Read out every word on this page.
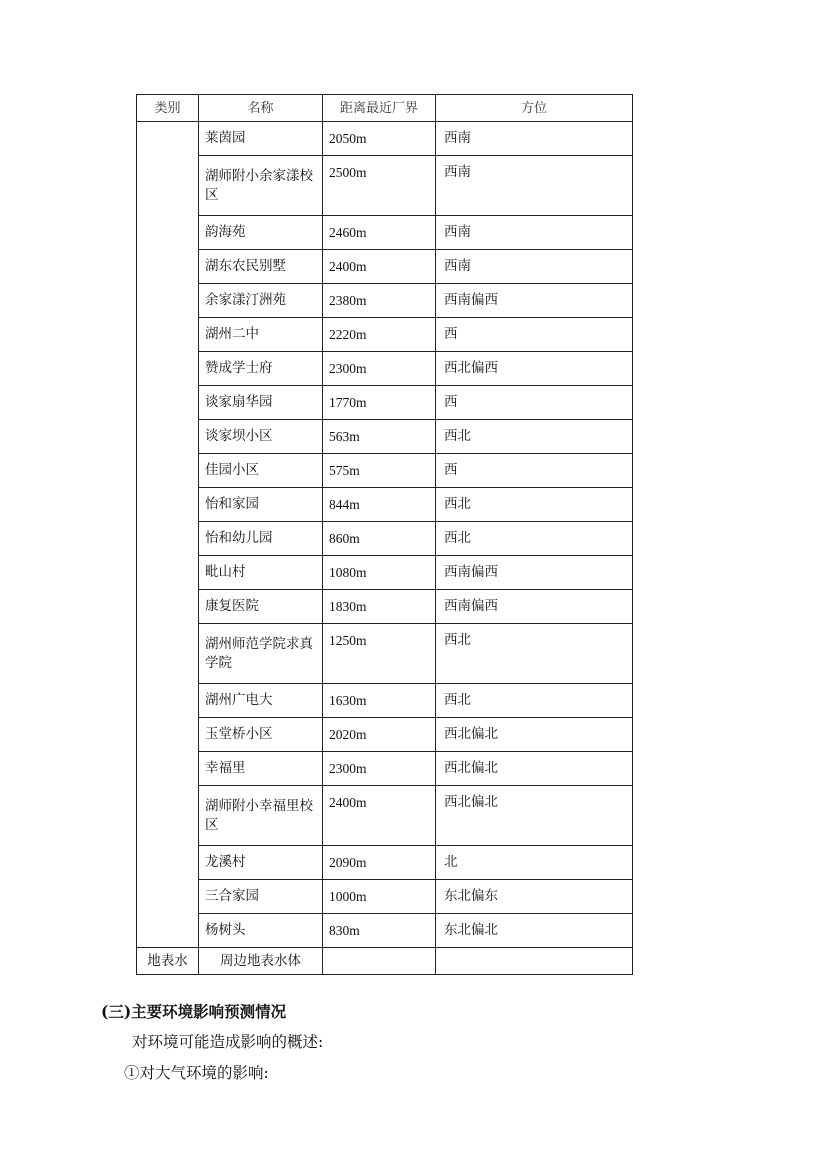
类别	名称	距离最近厂界	方位
	莱茵园	2050m	西南
	湖师附小余家漾校区	2500m	西南
	韵海苑	2460m	西南
	湖东农民别墅	2400m	西南
	余家漾汀洲苑	2380m	西南偏西
	湖州二中	2220m	西
	赞成学士府	2300m	西北偏西
	谈家扇华园	1770m	西
	谈家坝小区	563m	西北
	佳园小区	575m	西
	怡和家园	844m	西北
	怡和幼儿园	860m	西北
	毗山村	1080m	西南偏西
	康复医院	1830m	西南偏西
	湖州师范学院求真学院	1250m	西北
	湖州广电大	1630m	西北
	玉堂桥小区	2020m	西北偏北
	幸福里	2300m	西北偏北
	湖师附小幸福里校区	2400m	西北偏北
	龙溪村	2090m	北
	三合家园	1000m	东北偏东
	杨树头	830m	东北偏北
地表水	周边地表水体		
(三)主要环境影响预测情况
对环境可能造成影响的概述:
①对大气环境的影响:
